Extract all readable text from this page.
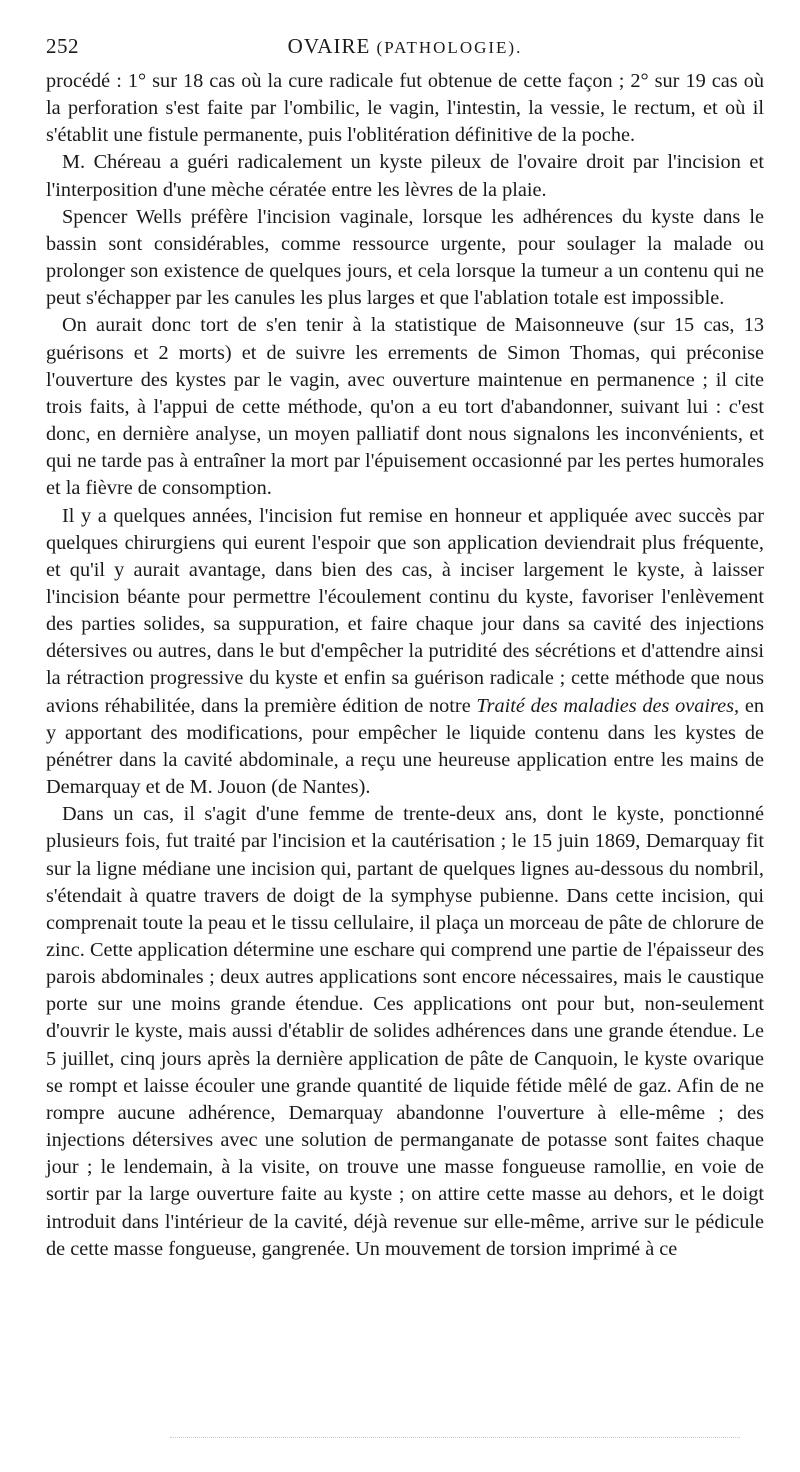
252	OVAIRE (PATHOLOGIE).

procédé : 1° sur 18 cas où la cure radicale fut obtenue de cette façon ; 2° sur 19 cas où la perforation s'est faite par l'ombilic, le vagin, l'intestin, la vessie, le rectum, et où il s'établit une fistule permanente, puis l'oblitération définitive de la poche.

M. Chéreau a guéri radicalement un kyste pileux de l'ovaire droit par l'incision et l'interposition d'une mèche cératée entre les lèvres de la plaie.

Spencer Wells préfère l'incision vaginale, lorsque les adhérences du kyste dans le bassin sont considérables, comme ressource urgente, pour soulager la malade ou prolonger son existence de quelques jours, et cela lorsque la tumeur a un contenu qui ne peut s'échapper par les canules les plus larges et que l'ablation totale est impossible.

On aurait donc tort de s'en tenir à la statistique de Maisonneuve (sur 15 cas, 13 guérisons et 2 morts) et de suivre les errements de Simon Thomas, qui préconise l'ouverture des kystes par le vagin, avec ouverture maintenue en permanence ; il cite trois faits, à l'appui de cette méthode, qu'on a eu tort d'abandonner, suivant lui : c'est donc, en dernière analyse, un moyen palliatif dont nous signalons les inconvénients, et qui ne tarde pas à entraîner la mort par l'épuisement occasionné par les pertes humorales et la fièvre de consomption.

Il y a quelques années, l'incision fut remise en honneur et appliquée avec succès par quelques chirurgiens qui eurent l'espoir que son application deviendrait plus fréquente, et qu'il y aurait avantage, dans bien des cas, à inciser largement le kyste, à laisser l'incision béante pour permettre l'écoulement continu du kyste, favoriser l'enlèvement des parties solides, sa suppuration, et faire chaque jour dans sa cavité des injections détersives ou autres, dans le but d'empêcher la putridité des sécrétions et d'attendre ainsi la rétraction progressive du kyste et enfin sa guérison radicale ; cette méthode que nous avions réhabilitée, dans la première édition de notre Traité des maladies des ovaires, en y apportant des modifications, pour empêcher le liquide contenu dans les kystes de pénétrer dans la cavité abdominale, a reçu une heureuse application entre les mains de Demarquay et de M. Jouon (de Nantes).

Dans un cas, il s'agit d'une femme de trente-deux ans, dont le kyste, ponctionné plusieurs fois, fut traité par l'incision et la cautérisation ; le 15 juin 1869, Demarquay fit sur la ligne médiane une incision qui, partant de quelques lignes au-dessous du nombril, s'étendait à quatre travers de doigt de la symphyse pubienne. Dans cette incision, qui comprenait toute la peau et le tissu cellulaire, il plaça un morceau de pâte de chlorure de zinc. Cette application détermine une eschare qui comprend une partie de l'épaisseur des parois abdominales ; deux autres applications sont encore nécessaires, mais le caustique porte sur une moins grande étendue. Ces applications ont pour but, non-seulement d'ouvrir le kyste, mais aussi d'établir de solides adhérences dans une grande étendue. Le 5 juillet, cinq jours après la dernière application de pâte de Canquoin, le kyste ovarique se rompt et laisse écouler une grande quantité de liquide fétide mêlé de gaz. Afin de ne rompre aucune adhérence, Demarquay abandonne l'ouverture à elle-même ; des injections détersives avec une solution de permanganate de potasse sont faites chaque jour ; le lendemain, à la visite, on trouve une masse fongueuse ramollie, en voie de sortir par la large ouverture faite au kyste ; on attire cette masse au dehors, et le doigt introduit dans l'intérieur de la cavité, déjà revenue sur elle-même, arrive sur le pédicule de cette masse fongueuse, gangrenée. Un mouvement de torsion imprimé à ce
